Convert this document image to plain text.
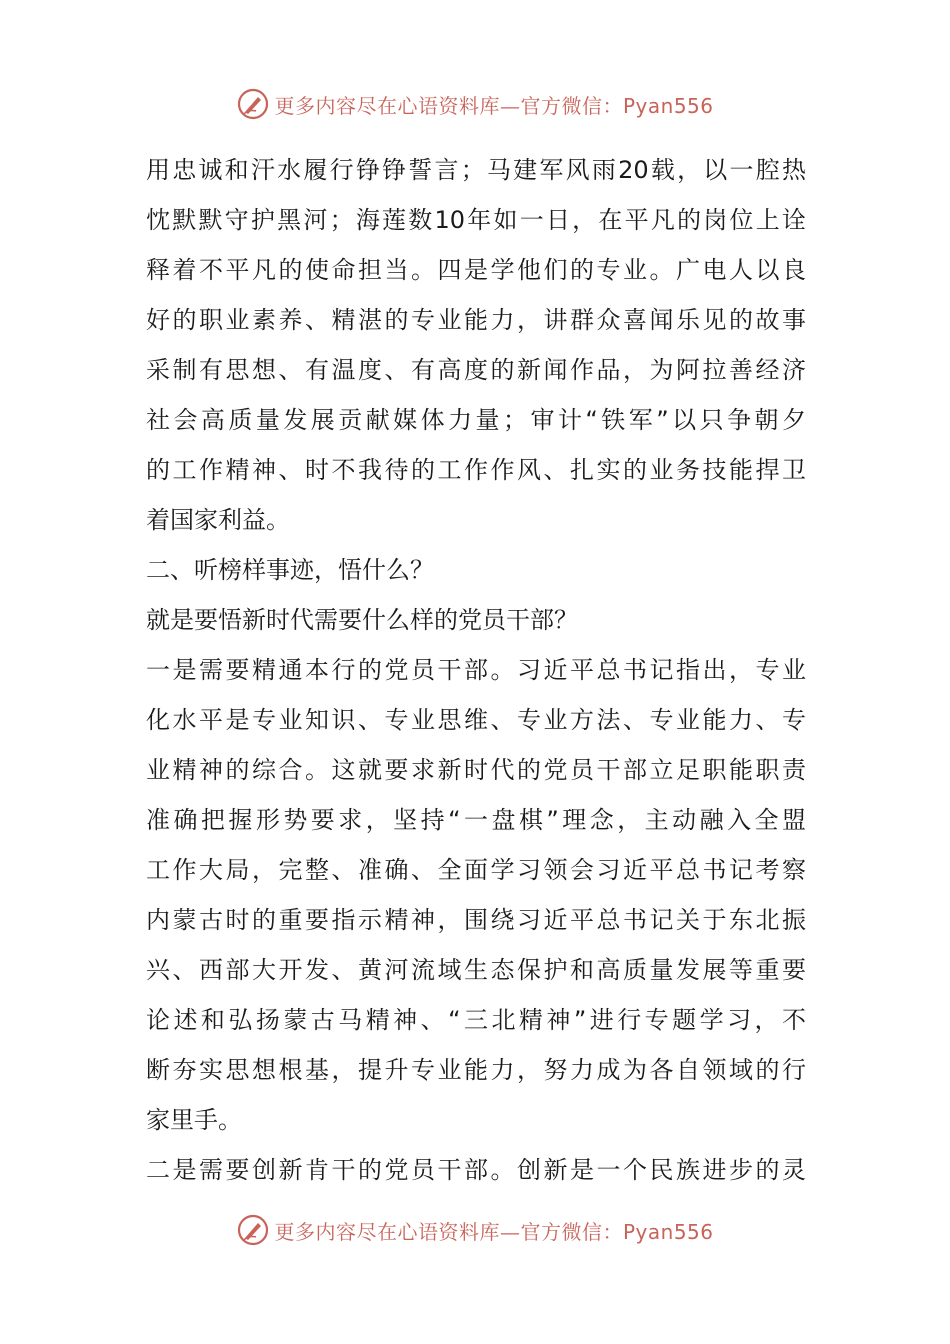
更多内容尽在心语资料库—官方微信：Pyan556
用忠诚和汗水履行铮铮誓言；马建军风雨20载，以一腔热
忱默默守护黑河；海莲数10年如一日，在平凡的岗位上诠
释着不平凡的使命担当。四是学他们的专业。广电人以良
好的职业素养、精湛的专业能力，讲群众喜闻乐见的故事
采制有思想、有温度、有高度的新闻作品，为阿拉善经济
社会高质量发展贡献媒体力量；审计“铁军”以只争朝夕
的工作精神、时不我待的工作作风、扎实的业务技能捍卫
着国家利益。
二、听榜样事迹，悟什么？
就是要悟新时代需要什么样的党员干部？
一是需要精通本行的党员干部。习近平总书记指出，专业
化水平是专业知识、专业思维、专业方法、专业能力、专
业精神的综合。这就要求新时代的党员干部立足职能职责
准确把握形势要求，坚持“一盘棋”理念，主动融入全盟
工作大局，完整、准确、全面学习领会习近平总书记考察
内蒙古时的重要指示精神，围绕习近平总书记关于东北振
兴、西部大开发、黄河流域生态保护和高质量发展等重要
论述和弘扬蒙古马精神、“三北精神”进行专题学习，不
断夯实思想根基，提升专业能力，努力成为各自领域的行
家里手。
二是需要创新肯干的党员干部。创新是一个民族进步的灵
更多内容尽在心语资料库—官方微信：Pyan556
